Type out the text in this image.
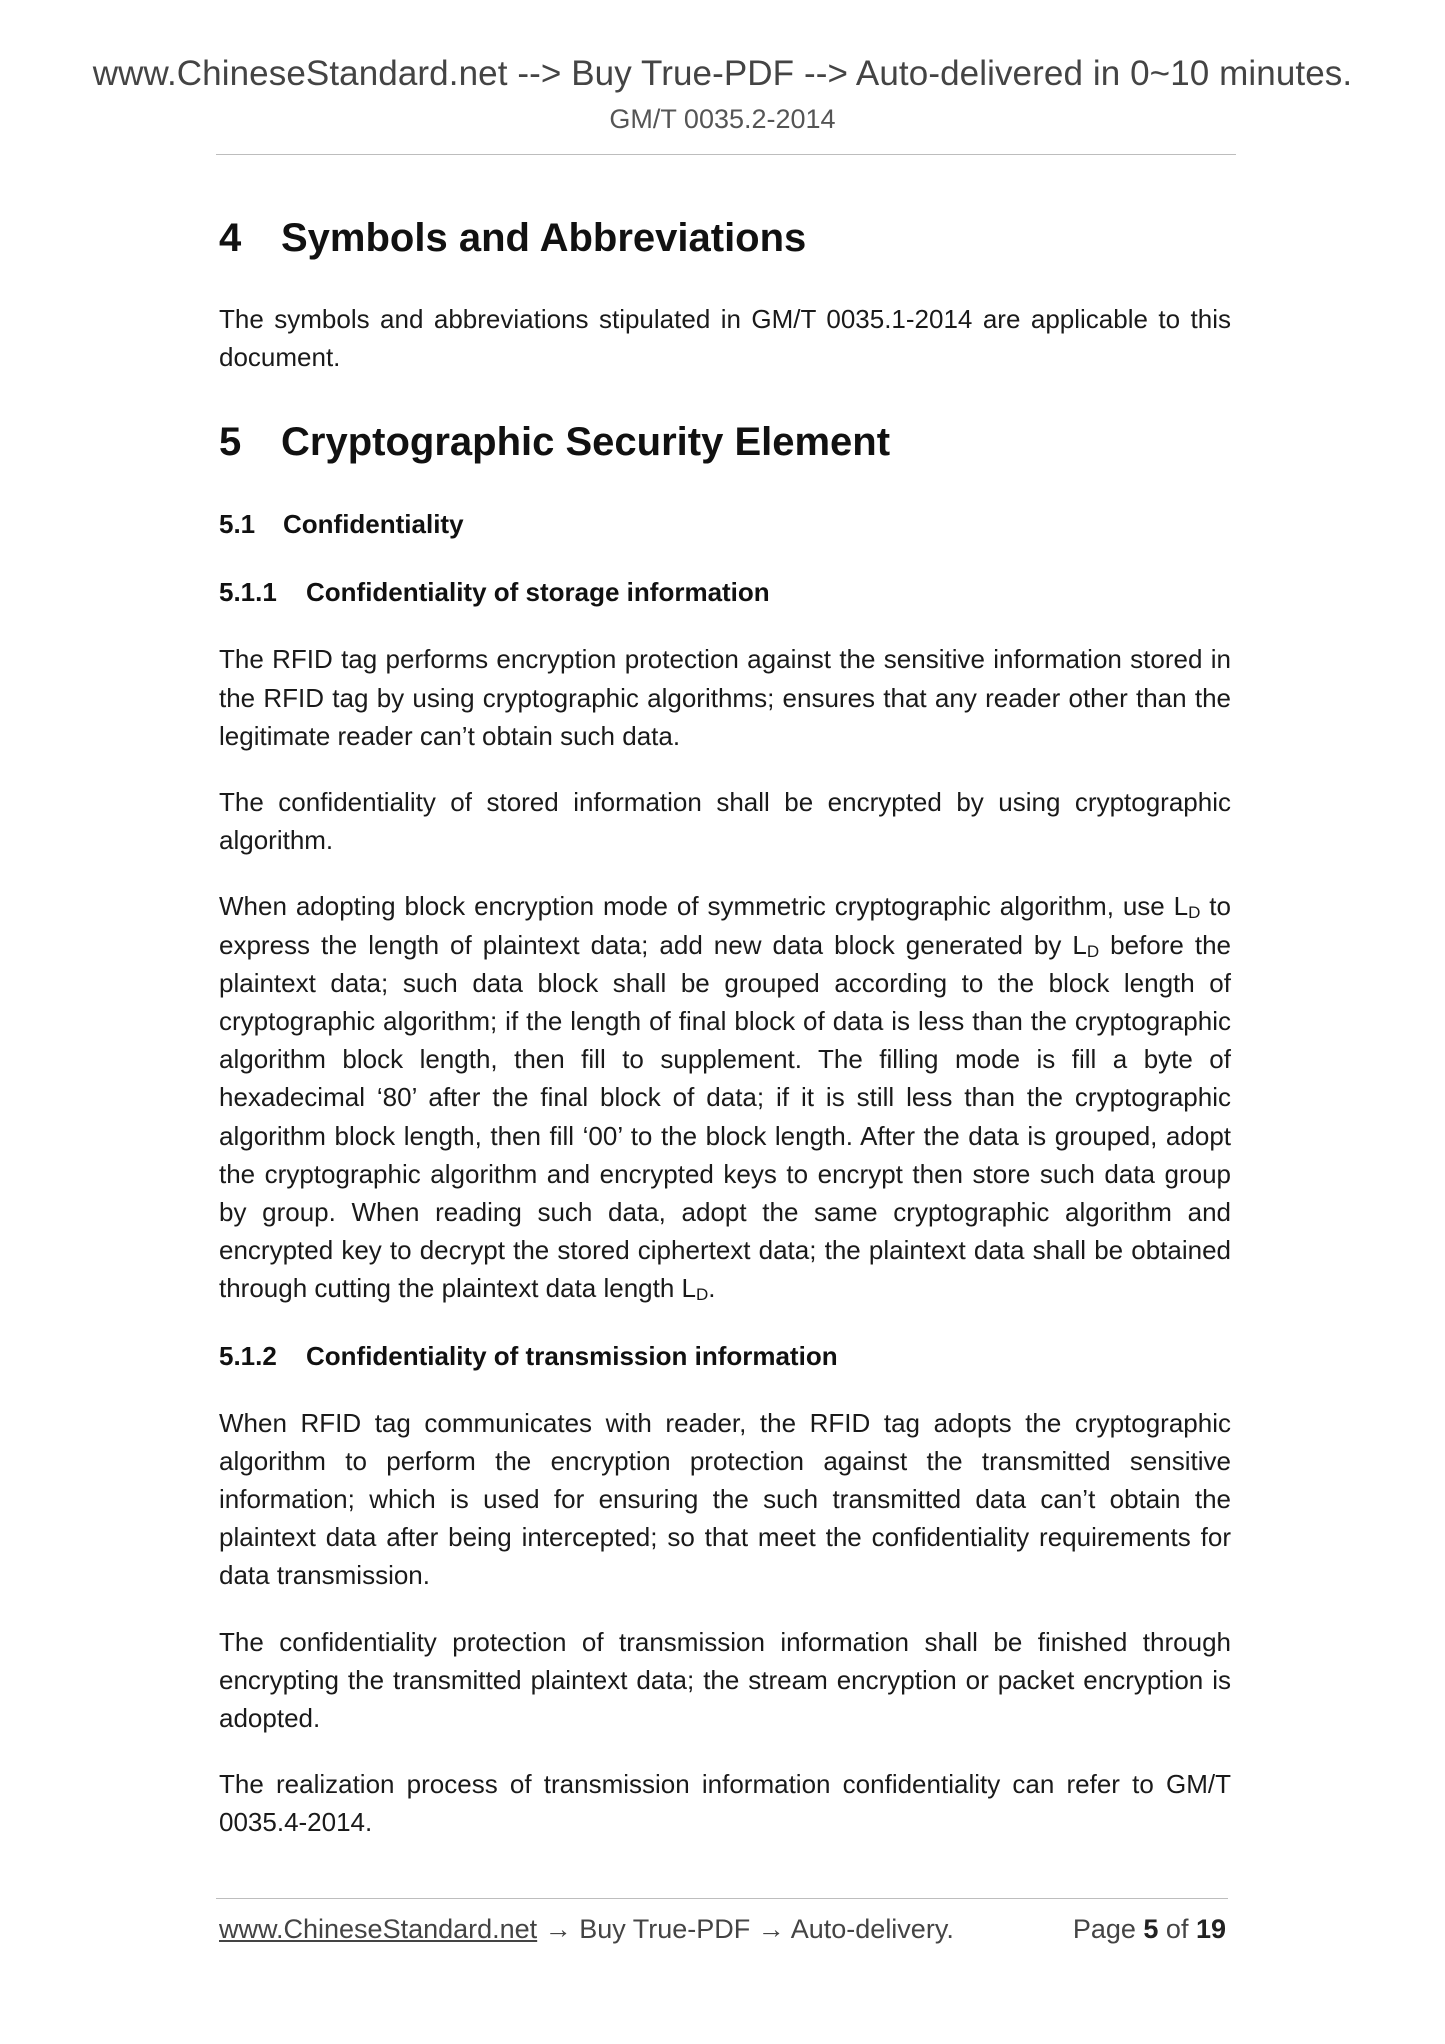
www.ChineseStandard.net --> Buy True-PDF --> Auto-delivered in 0~10 minutes.
GM/T 0035.2-2014
4 Symbols and Abbreviations

The symbols and abbreviations stipulated in GM/T 0035.1-2014 are applicable to this document.

5 Cryptographic Security Element
5.1 Confidentiality
5.1.1 Confidentiality of storage information

The RFID tag performs encryption protection against the sensitive information stored in the RFID tag by using cryptographic algorithms; ensures that any reader other than the legitimate reader can’t obtain such data.

The confidentiality of stored information shall be encrypted by using cryptographic algorithm.

When adopting block encryption mode of symmetric cryptographic algorithm, use $L_D$ to express the length of plaintext data; add new data block generated by $L_D$ before the plaintext data; such data block shall be grouped according to the block length of cryptographic algorithm; if the length of final block of data is less than the cryptographic algorithm block length, then fill to supplement. The filling mode is fill a byte of hexadecimal ‘80’ after the final block of data; if it is still less than the cryptographic algorithm block length, then fill ‘00’ to the block length. After the data is grouped, adopt the cryptographic algorithm and encrypted keys to encrypt then store such data group by group. When reading such data, adopt the same cryptographic algorithm and encrypted key to decrypt the stored ciphertext data; the plaintext data shall be obtained through cutting the plaintext data length $L_D$.

5.1.2 Confidentiality of transmission information

When RFID tag communicates with reader, the RFID tag adopts the cryptographic algorithm to perform the encryption protection against the transmitted sensitive information; which is used for ensuring the such transmitted data can’t obtain the plaintext data after being intercepted; so that meet the confidentiality requirements for data transmission.

The confidentiality protection of transmission information shall be finished through encrypting the transmitted plaintext data; the stream encryption or packet encryption is adopted.

The realization process of transmission information confidentiality can refer to GM/T 0035.4-2014.

www.ChineseStandard.net → Buy True-PDF → Auto-delivery.	Page 5 of 19
